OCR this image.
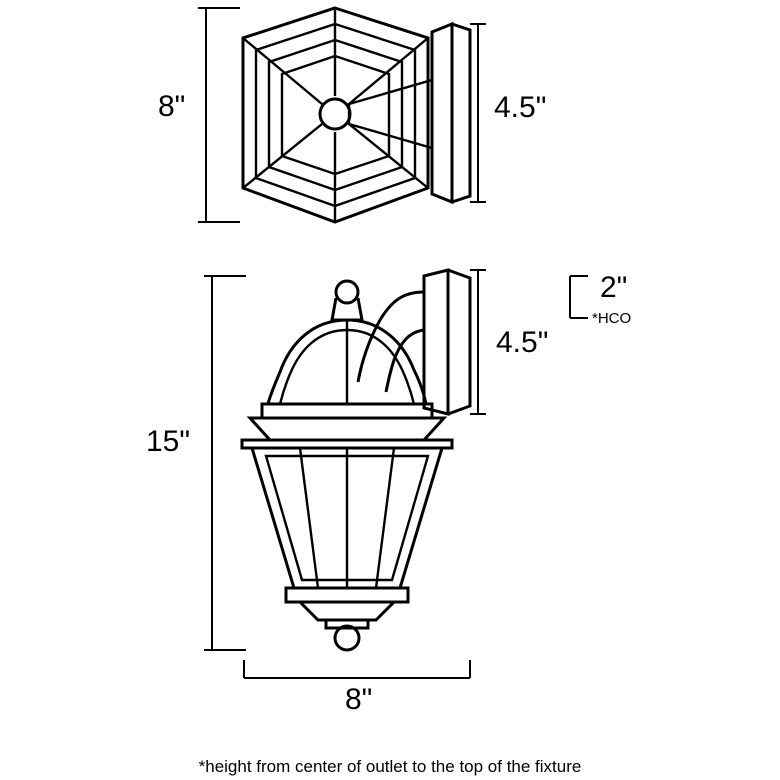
8"	4.5"
15"
8"
4.5"
2"
*HCO
*height from center of outlet to the top of the fixture
